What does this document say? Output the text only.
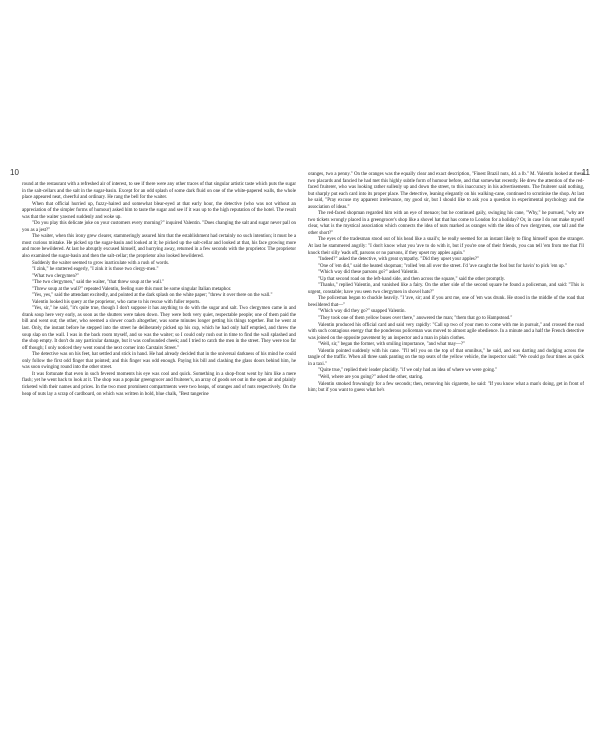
10	11

round at the restaurant with a refreshed air of interest, to see if there were any other traces of that singular artistic taste which puts the sugar in the salt-cellars and the salt in the sugar-basin. Except for an odd splash of some dark fluid on one of the white-papered walls, the whole place appeared neat, cheerful and ordinary. He rang the bell for the waiter.

When that official hurried up, fuzzy-haired and somewhat blear-eyed at that early hour, the detective (who was not without an appreciation of the simpler forms of humour) asked him to taste the sugar and see if it was up to the high reputation of the hotel. The result was that the waiter yawned suddenly and woke up.

"Do you play this delicate joke on your customers every morning?" inquired Valentin. "Does changing the salt and sugar never pall on you as a jest?"

The waiter, when this irony grew clearer, stammeringly assured him that the establishment had certainly no such intention; it must be a most curious mistake. He picked up the sugar-basin and looked at it; he picked up the salt-cellar and looked at that, his face growing more and more bewildered. At last he abruptly excused himself, and hurrying away, returned in a few seconds with the proprietor. The proprietor also examined the sugar-basin and then the salt-cellar; the proprietor also looked bewildered.

Suddenly the waiter seemed to grow inarticulate with a rush of words.

"I zink," he stuttered eagerly, "I zink it is those two clergy-men."

"What two clergymen?"

"The two clergymen," said the waiter, "that threw soup at the wall."

"Threw soup at the wall?" repeated Valentin, feeling sure this must be some singular Italian metaphor.

"Yes, yes," said the attendant excitedly, and pointed at the dark splash on the white paper; "threw it over there on the wall."

Valentin looked his query at the proprietor, who came to his rescue with fuller reports.

"Yes, sir," he said, "it's quite true, though I don't suppose it has anything to do with the sugar and salt. Two clergymen came in and drank soup here very early, as soon as the shutters were taken down. They were both very quiet, respectable people; one of them paid the bill and went out; the other, who seemed a slower coach altogether, was some minutes longer getting his things together. But he went at last. Only, the instant before he stepped into the street he deliberately picked up his cup, which he had only half emptied, and threw the soup slap on the wall. I was in the back room myself, and so was the waiter; so I could only rush out in time to find the wall splashed and the shop empty. It don't do any particular damage, but it was confounded cheek; and I tried to catch the men in the street. They were too far off though; I only noticed they went round the next corner into Carstairs Street."

The detective was on his feet, hat settled and stick in hand. He had already decided that in the universal darkness of his mind he could only follow the first odd finger that pointed; and this finger was odd enough. Paying his bill and clashing the glass doors behind him, he was soon swinging round into the other street.

It was fortunate that even in such fevered moments his eye was cool and quick. Something in a shop-front went by him like a mere flash; yet he went back to look at it. The shop was a popular greengrocer and fruiterer's, an array of goods set out in the open air and plainly ticketed with their names and prices. In the two most prominent compartments were two heaps, of oranges and of nuts respectively. On the heap of nuts lay a scrap of cardboard, on which was written in bold, blue chalk, "Best tangerine

oranges, two a penny." On the oranges was the equally clear and exact description, "Finest Brazil nuts, 4d. a lb." M. Valentin looked at these two placards and fancied he had met this highly subtle form of humour before, and that somewhat recently. He drew the attention of the red-faced fruiterer, who was looking rather sullenly up and down the street, to this inaccuracy in his advertisements. The fruiterer said nothing, but sharply put each card into its proper place. The detective, leaning elegantly on his walking-cane, continued to scrutinise the shop. At last he said, "Pray excuse my apparent irrelevance, my good sir, but I should like to ask you a question in experimental psychology and the association of ideas."

The red-faced shopman regarded him with an eye of menace; but he continued gaily, swinging his cane, "Why," he pursued, "why are two tickets wrongly placed in a greengrocer's shop like a shovel hat that has come to London for a holiday? Or, in case I do not make myself clear, what is the mystical association which connects the idea of nuts marked as oranges with the idea of two clergymen, one tall and the other short?"

The eyes of the tradesman stood out of his head like a snail's; he really seemed for an instant likely to fling himself upon the stranger. At last he stammered angrily: "I don't know what you 'ave to do with it, but if you're one of their friends, you can tell 'em from me that I'll knock their silly 'eads off, parsons or no parsons, if they upset my apples again."

"Indeed?" asked the detective, with great sympathy. "Did they upset your apples?"

"One of 'em did," said the heated shopman; "rolled 'em all over the street. I'd 'ave caught the fool but for havin' to pick 'em up."

"Which way did these parsons go?" asked Valentin.

"Up that second road on the left-hand side, and then across the square," said the other promptly.

"Thanks," replied Valentin, and vanished like a fairy. On the other side of the second square he found a policeman, and said: "This is urgent, constable; have you seen two clergymen in shovel hats?"

The policeman began to chuckle heavily. "I 'ave, sir; and if you arst me, one of 'em was drunk. He stood in the middle of the road that bewildered that—"

"Which way did they go?" snapped Valentin.

"They took one of them yellow buses over there," answered the man; "them that go to Hampstead."

Valentin produced his official card and said very rapidly: "Call up two of your men to come with me in pursuit," and crossed the road with such contagious energy that the ponderous policeman was moved to almost agile obedience. In a minute and a half the French detective was joined on the opposite pavement by an inspector and a man in plain clothes.

"Well, sir," began the former, with smiling importance, "and what may—?"

Valentin pointed suddenly with his cane. "I'll tell you on the top of that omnibus," he said, and was darting and dodging across the tangle of the traffic. When all three sank panting on the top seats of the yellow vehicle, the inspector said: "We could go four times as quick in a taxi."

"Quite true," replied their leader placidly. "if we only had an idea of where we were going."

"Well, where are you going?" asked the other, staring.

Valentin smoked frowningly for a few seconds; then, removing his cigarette, he said: "If you know what a man's doing, get in front of him; but if you want to guess what he's
